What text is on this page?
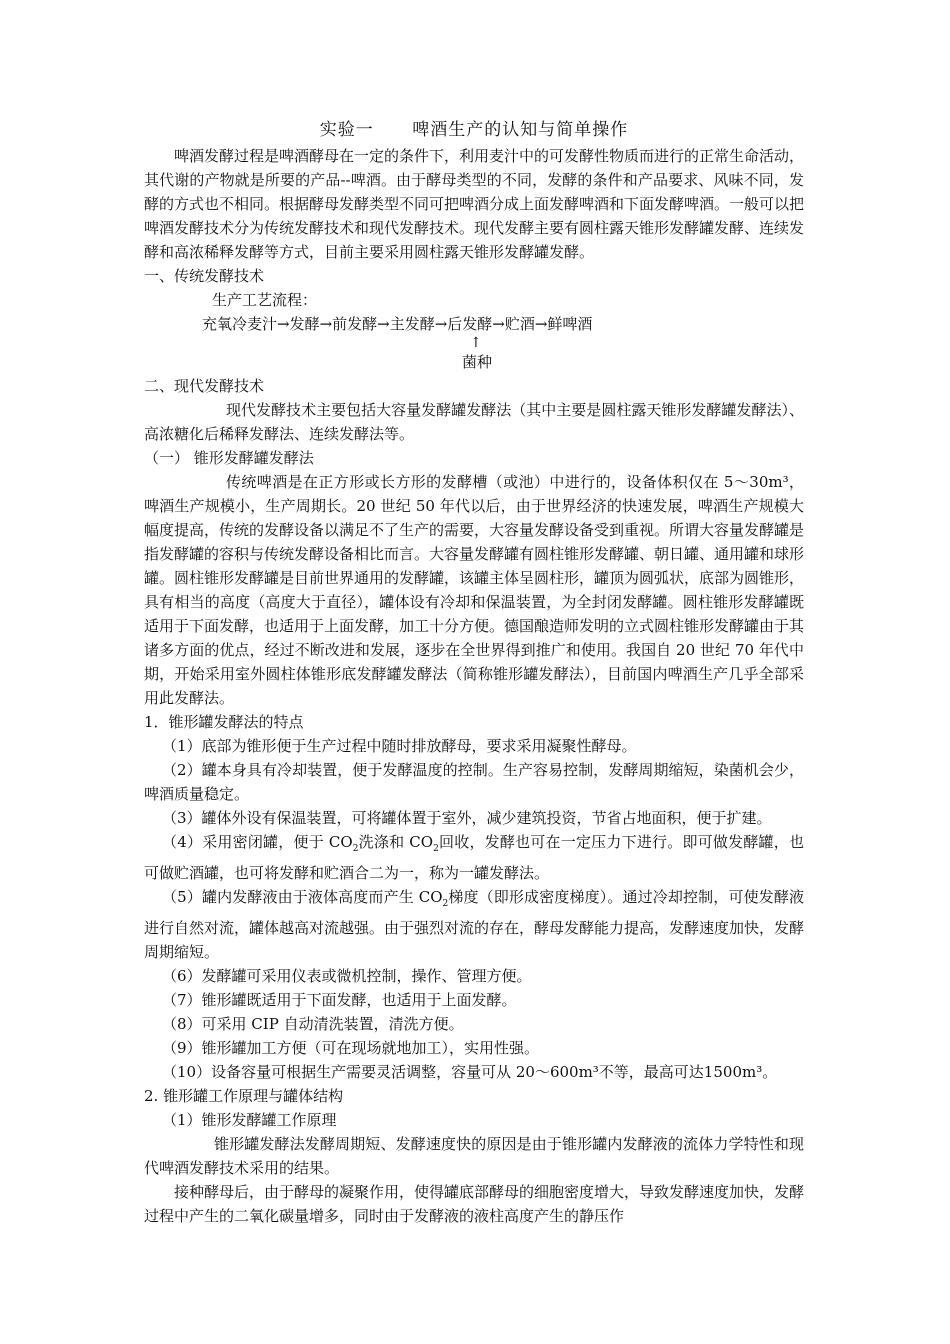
实验一      啤酒生产的认知与简单操作

啤酒发酵过程是啤酒酵母在一定的条件下，利用麦汁中的可发酵性物质而进行的正常生命活动，其代谢的产物就是所要的产品--啤酒。由于酵母类型的不同，发酵的条件和产品要求、风味不同，发酵的方式也不相同。根据酵母发酵类型不同可把啤酒分成上面发酵啤酒和下面发酵啤酒。一般可以把啤酒发酵技术分为传统发酵技术和现代发酵技术。现代发酵主要有圆柱露天锥形发酵罐发酵、连续发酵和高浓稀释发酵等方式，目前主要采用圆柱露天锥形发酵罐发酵。

一、传统发酵技术

生产工艺流程：

充氧冷麦汁→发酵→前发酵→主发酵→后发酵→贮酒→鲜啤酒

↑

菌种

二、现代发酵技术

现代发酵技术主要包括大容量发酵罐发酵法（其中主要是圆柱露天锥形发酵罐发酵法）、高浓糖化后稀释发酵法、连续发酵法等。

（一） 锥形发酵罐发酵法

传统啤酒是在正方形或长方形的发酵槽（或池）中进行的，设备体积仅在 5～30m³，啤酒生产规模小，生产周期长。20 世纪 50 年代以后，由于世界经济的快速发展，啤酒生产规模大幅度提高，传统的发酵设备以满足不了生产的需要，大容量发酵设备受到重视。所谓大容量发酵罐是指发酵罐的容积与传统发酵设备相比而言。大容量发酵罐有圆柱锥形发酵罐、朝日罐、通用罐和球形罐。圆柱锥形发酵罐是目前世界通用的发酵罐，该罐主体呈圆柱形，罐顶为圆弧状，底部为圆锥形，具有相当的高度（高度大于直径），罐体设有冷却和保温装置，为全封闭发酵罐。圆柱锥形发酵罐既适用于下面发酵，也适用于上面发酵，加工十分方便。德国酿造师发明的立式圆柱锥形发酵罐由于其诸多方面的优点，经过不断改进和发展，逐步在全世界得到推广和使用。我国自 20 世纪 70 年代中期，开始采用室外圆柱体锥形底发酵罐发酵法（简称锥形罐发酵法），目前国内啤酒生产几乎全部采用此发酵法。

1．锥形罐发酵法的特点

（1）底部为锥形便于生产过程中随时排放酵母，要求采用凝聚性酵母。

（2）罐本身具有冷却装置，便于发酵温度的控制。生产容易控制，发酵周期缩短，染菌机会少，啤酒质量稳定。

（3）罐体外设有保温装置，可将罐体置于室外，减少建筑投资，节省占地面积，便于扩建。

（4）采用密闭罐，便于 $CO_2$洗涤和 $CO_2$回收，发酵也可在一定压力下进行。即可做发酵罐，也可做贮酒罐，也可将发酵和贮酒合二为一，称为一罐发酵法。

（5）罐内发酵液由于液体高度而产生 $CO_2$梯度（即形成密度梯度）。通过冷却控制，可使发酵液进行自然对流，罐体越高对流越强。由于强烈对流的存在，酵母发酵能力提高，发酵速度加快，发酵周期缩短。

（6）发酵罐可采用仪表或微机控制，操作、管理方便。

（7）锥形罐既适用于下面发酵，也适用于上面发酵。

（8）可采用 CIP 自动清洗装置，清洗方便。

（9）锥形罐加工方便（可在现场就地加工），实用性强。

（10）设备容量可根据生产需要灵活调整，容量可从 20～600m³不等，最高可达1500m³。

2. 锥形罐工作原理与罐体结构

（1）锥形发酵罐工作原理

锥形罐发酵法发酵周期短、发酵速度快的原因是由于锥形罐内发酵液的流体力学特性和现代啤酒发酵技术采用的结果。

接种酵母后，由于酵母的凝聚作用，使得罐底部酵母的细胞密度增大，导致发酵速度加快，发酵过程中产生的二氧化碳量增多，同时由于发酵液的液柱高度产生的静压作
